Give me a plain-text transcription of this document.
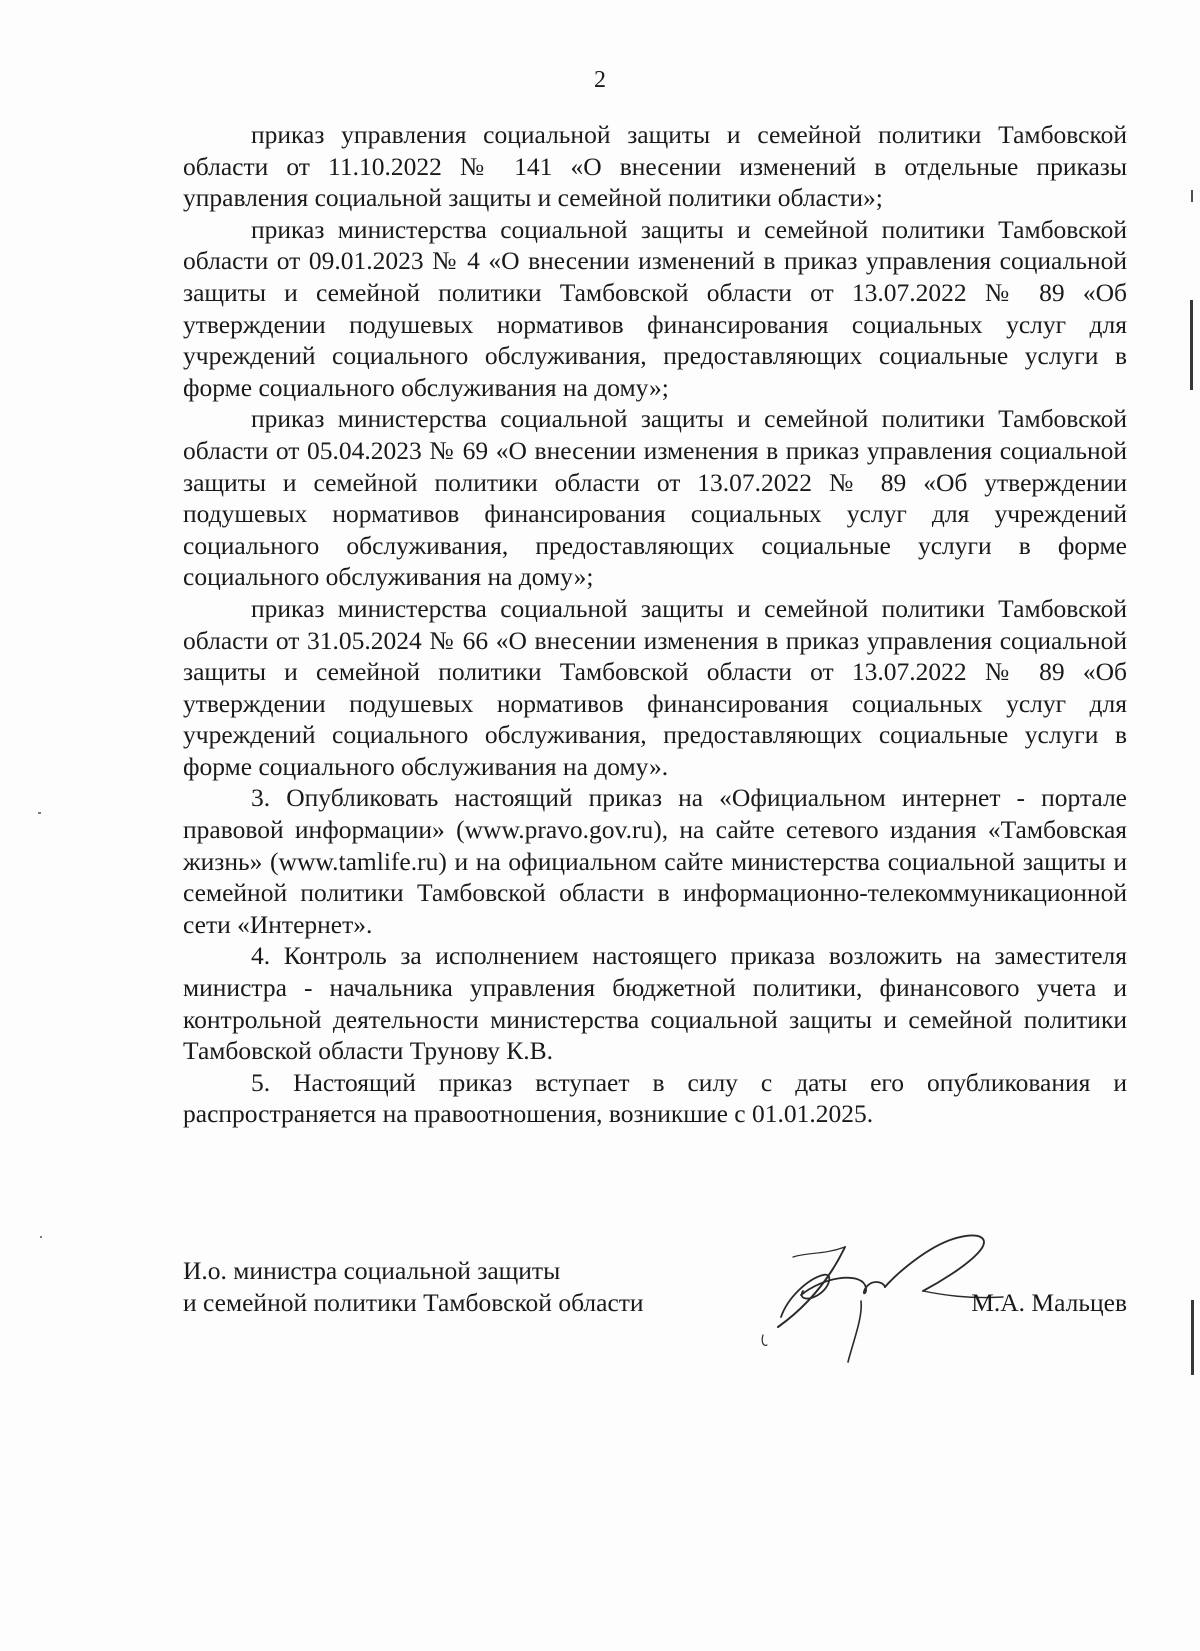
2

приказ управления социальной защиты и семейной политики Тамбовской области от 11.10.2022 № 141 «О внесении изменений в отдельные приказы управления социальной защиты и семейной политики области»;

приказ министерства социальной защиты и семейной политики Тамбовской области от 09.01.2023 № 4 «О внесении изменений в приказ управления социальной защиты и семейной политики Тамбовской области от 13.07.2022 № 89 «Об утверждении подушевых нормативов финансирования социальных услуг для учреждений социального обслуживания, предоставляющих социальные услуги в форме социального обслуживания на дому»;

приказ министерства социальной защиты и семейной политики Тамбовской области от 05.04.2023 № 69 «О внесении изменения в приказ управления социальной защиты и семейной политики области от 13.07.2022 № 89 «Об утверждении подушевых нормативов финансирования социальных услуг для учреждений социального обслуживания, предоставляющих социальные услуги в форме социального обслуживания на дому»;

приказ министерства социальной защиты и семейной политики Тамбовской области от 31.05.2024 № 66 «О внесении изменения в приказ управления социальной защиты и семейной политики Тамбовской области от 13.07.2022 № 89 «Об утверждении подушевых нормативов финансирования социальных услуг для учреждений социального обслуживания, предоставляющих социальные услуги в форме социального обслуживания на дому».

3. Опубликовать настоящий приказ на «Официальном интернет - портале правовой информации» (www.pravo.gov.ru), на сайте сетевого издания «Тамбовская жизнь» (www.tamlife.ru) и на официальном сайте министерства социальной защиты и семейной политики Тамбовской области в информационно-телекоммуникационной сети «Интернет».

4. Контроль за исполнением настоящего приказа возложить на заместителя министра - начальника управления бюджетной политики, финансового учета и контрольной деятельности министерства социальной защиты и семейной политики Тамбовской области Трунову К.В.

5. Настоящий приказ вступает в силу с даты его опубликования и распространяется на правоотношения, возникшие с 01.01.2025.

И.о. министра социальной защиты
и семейной политики Тамбовской области	М.А. Мальцев
